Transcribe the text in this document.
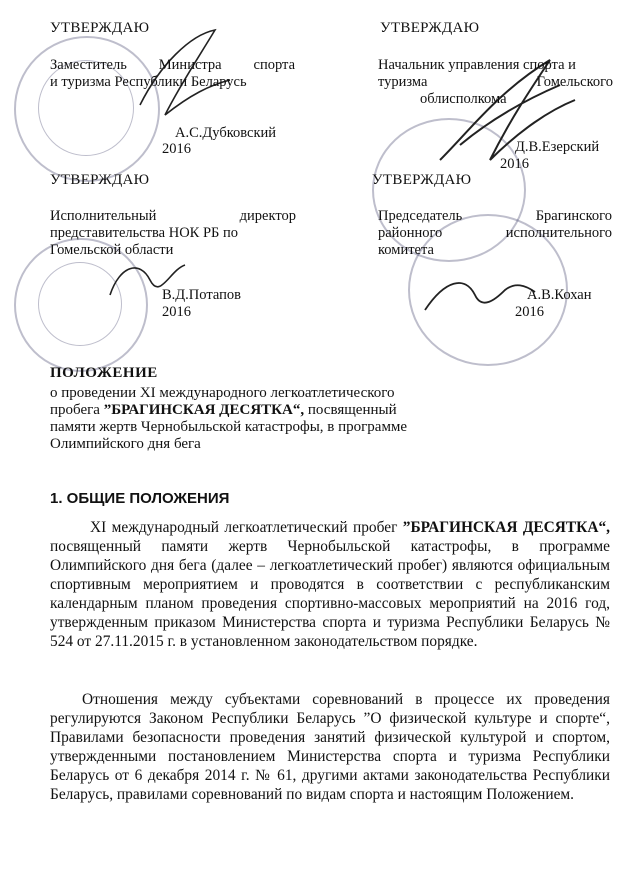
УТВЕРЖДАЮ
Заместитель Министра спорта
и туризма Республики Беларусь
А.С.Дубковский
2016
УТВЕРЖДАЮ
Начальник управления спорта и
туризма	Гомельского
облисполкома
Д.В.Езерский
2016
УТВЕРЖДАЮ
Исполнительный	директор
представительства НОК РБ по
Гомельской области
В.Д.Потапов
2016
УТВЕРЖДАЮ
Председатель	Брагинского
районного	исполнительного
комитета
А.В.Кохан
2016
ПОЛОЖЕНИЕ
о проведении XI международного легкоатлетического
пробега ”БРАГИНСКАЯ ДЕСЯТКА“, посвященный
памяти жертв Чернобыльской катастрофы, в программе
Олимпийского дня бега
1. ОБЩИЕ ПОЛОЖЕНИЯ
XI международный легкоатлетический пробег ”БРАГИНСКАЯ ДЕСЯТКА“, посвященный памяти жертв Чернобыльской катастрофы, в программе Олимпийского дня бега (далее – легкоатлетический пробег) являются официальным спортивным мероприятием и проводятся в соответствии с республиканским календарным планом проведения спортивно-массовых мероприятий на 2016 год, утвержденным приказом Министерства спорта и туризма Республики Беларусь № 524 от 27.11.2015 г. в установленном законодательством порядке.
Отношения между субъектами соревнований в процессе их проведения регулируются Законом Республики Беларусь ”О физической культуре и спорте“, Правилами безопасности проведения занятий физической культурой и спортом, утвержденными постановлением Министерства спорта и туризма Республики Беларусь от 6 декабря 2014 г. № 61, другими актами законодательства Республики Беларусь, правилами соревнований по видам спорта и настоящим Положением.
